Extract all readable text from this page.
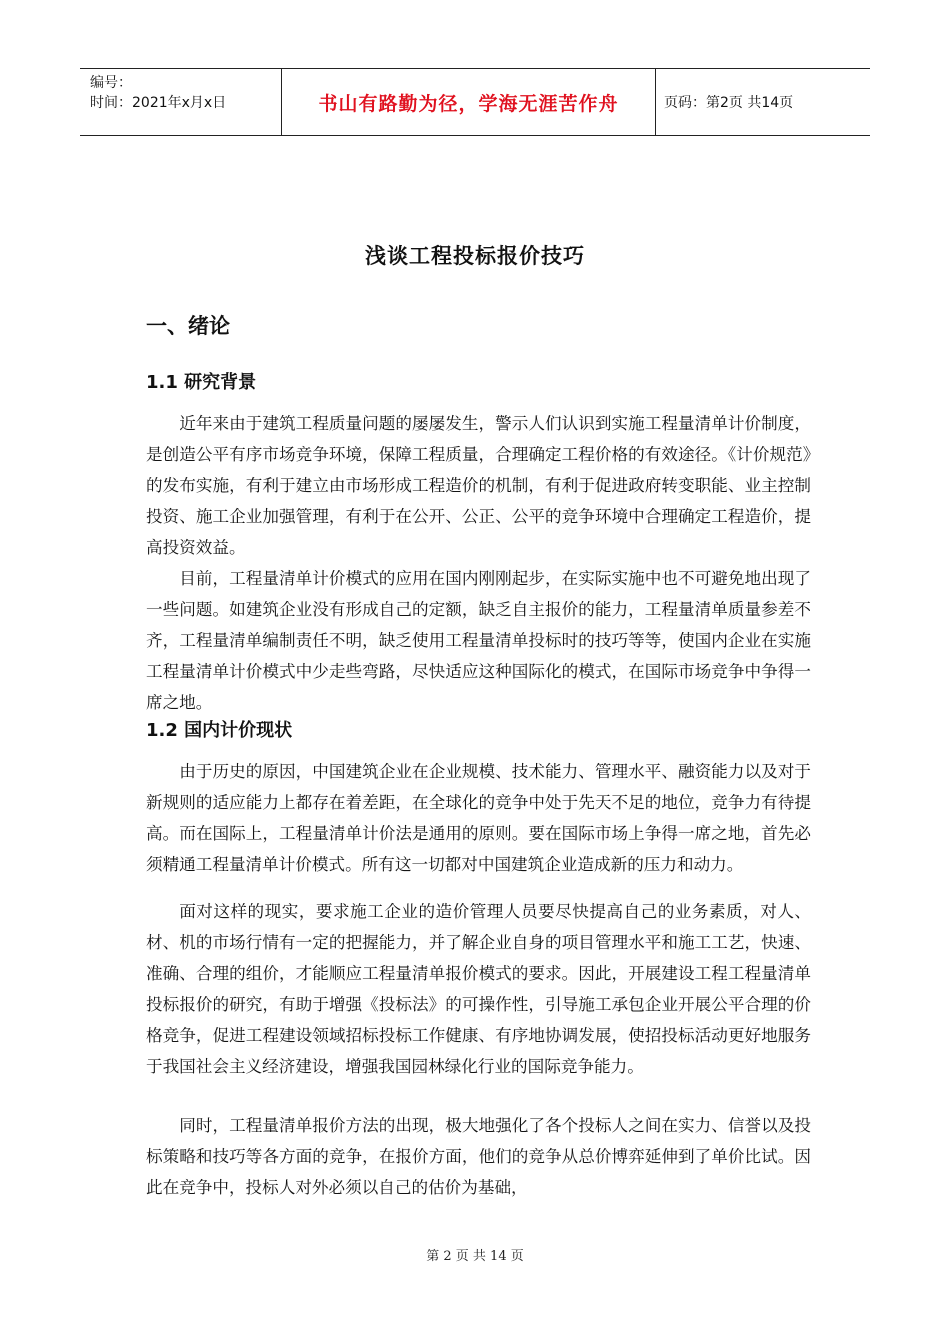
编号：
时间：2021年x月x日	书山有路勤为径，学海无涯苦作舟	页码：第2页 共14页
浅谈工程投标报价技巧
一、绪论
1.1 研究背景

近年来由于建筑工程质量问题的屡屡发生，警示人们认识到实施工程量清单计价制度，是创造公平有序市场竞争环境，保障工程质量，合理确定工程价格的有效途径。《计价规范》的发布实施，有利于建立由市场形成工程造价的机制，有利于促进政府转变职能、业主控制投资、施工企业加强管理，有利于在公开、公正、公平的竞争环境中合理确定工程造价，提高投资效益。

目前，工程量清单计价模式的应用在国内刚刚起步，在实际实施中也不可避免地出现了一些问题。如建筑企业没有形成自己的定额，缺乏自主报价的能力，工程量清单质量参差不齐，工程量清单编制责任不明，缺乏使用工程量清单投标时的技巧等等，使国内企业在实施工程量清单计价模式中少走些弯路，尽快适应这种国际化的模式，在国际市场竞争中争得一席之地。

1.2 国内计价现状

由于历史的原因，中国建筑企业在企业规模、技术能力、管理水平、融资能力以及对于新规则的适应能力上都存在着差距，在全球化的竞争中处于先天不足的地位，竞争力有待提高。而在国际上，工程量清单计价法是通用的原则。要在国际市场上争得一席之地，首先必须精通工程量清单计价模式。所有这一切都对中国建筑企业造成新的压力和动力。

面对这样的现实，要求施工企业的造价管理人员要尽快提高自己的业务素质，对人、材、机的市场行情有一定的把握能力，并了解企业自身的项目管理水平和施工工艺，快速、准确、合理的组价，才能顺应工程量清单报价模式的要求。因此，开展建设工程工程量清单投标报价的研究，有助于增强《投标法》的可操作性，引导施工承包企业开展公平合理的价格竞争，促进工程建设领域招标投标工作健康、有序地协调发展，使招投标活动更好地服务于我国社会主义经济建设，增强我国园林绿化行业的国际竞争能力。

同时，工程量清单报价方法的出现，极大地强化了各个投标人之间在实力、信誉以及投标策略和技巧等各方面的竞争，在报价方面，他们的竞争从总价博弈延伸到了单价比试。因此在竞争中，投标人对外必须以自己的估价为基础，

第 2 页 共 14 页
